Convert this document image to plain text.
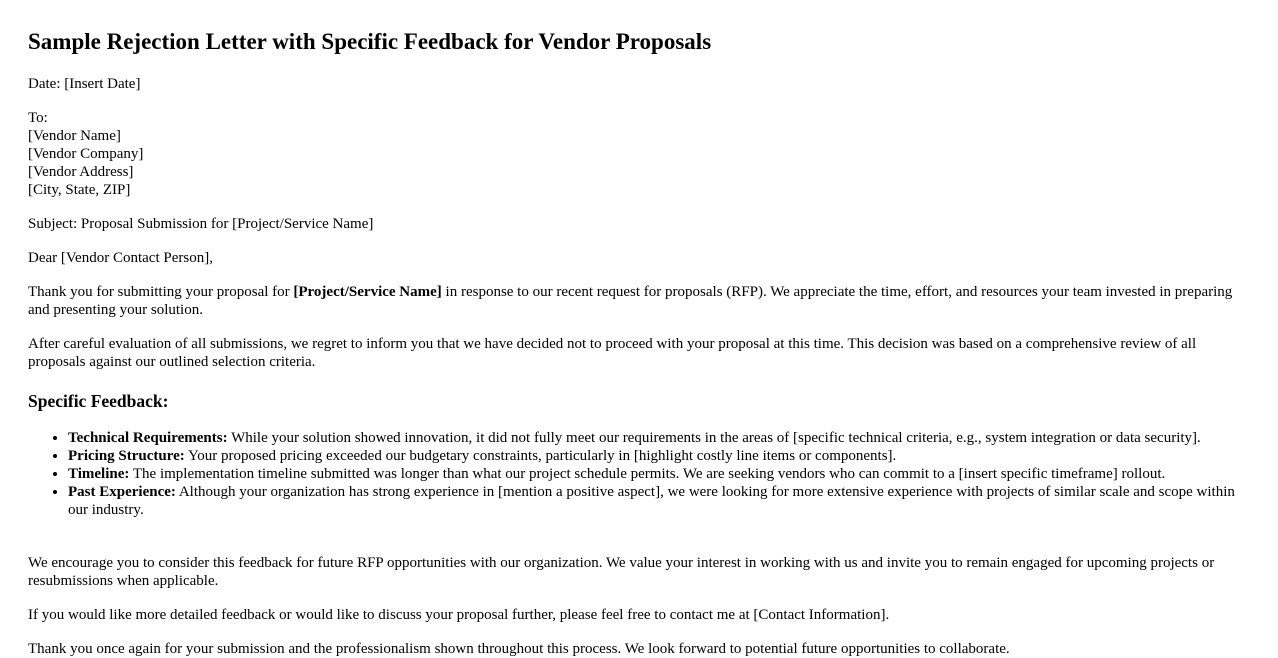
Sample Rejection Letter with Specific Feedback for Vendor Proposals

Date: [Insert Date]

To:
[Vendor Name]
[Vendor Company]
[Vendor Address]
[City, State, ZIP]

Subject: Proposal Submission for [Project/Service Name]

Dear [Vendor Contact Person],

Thank you for submitting your proposal for [Project/Service Name] in response to our recent request for proposals (RFP). We appreciate the time, effort, and resources your team invested in preparing and presenting your solution.

After careful evaluation of all submissions, we regret to inform you that we have decided not to proceed with your proposal at this time. This decision was based on a comprehensive review of all proposals against our outlined selection criteria.

Specific Feedback:
• Technical Requirements: While your solution showed innovation, it did not fully meet our requirements in the areas of [specific technical criteria, e.g., system integration or data security].
• Pricing Structure: Your proposed pricing exceeded our budgetary constraints, particularly in [highlight costly line items or components].
• Timeline: The implementation timeline submitted was longer than what our project schedule permits. We are seeking vendors who can commit to a [insert specific timeframe] rollout.
• Past Experience: Although your organization has strong experience in [mention a positive aspect], we were looking for more extensive experience with projects of similar scale and scope within our industry.

We encourage you to consider this feedback for future RFP opportunities with our organization. We value your interest in working with us and invite you to remain engaged for upcoming projects or resubmissions when applicable.

If you would like more detailed feedback or would like to discuss your proposal further, please feel free to contact me at [Contact Information].

Thank you once again for your submission and the professionalism shown throughout this process. We look forward to potential future opportunities to collaborate.
